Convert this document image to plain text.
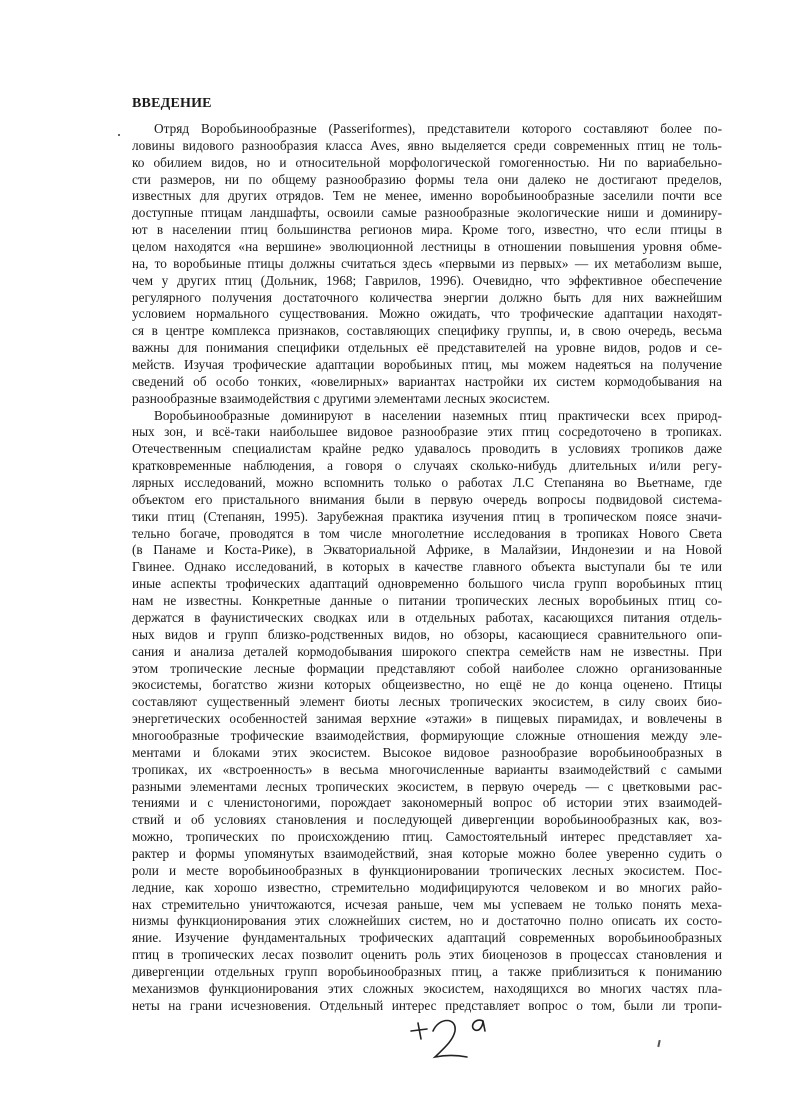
ВВЕДЕНИЕ
Отряд Воробьинообразные (Passeriformes), представители которого составляют более по-
ловины видового разнообразия класса Aves, явно выделяется среди современных птиц не толь-
ко обилием видов, но и относительной морфологической гомогенностью. Ни по вариабельно-
сти размеров, ни по общему разнообразию формы тела они далеко не достигают пределов,
известных для других отрядов. Тем не менее, именно воробьинообразные заселили почти все
доступные птицам ландшафты, освоили самые разнообразные экологические ниши и доминиру-
ют в населении птиц большинства регионов мира. Кроме того, известно, что если птицы в
целом находятся «на вершине» эволюционной лестницы в отношении повышения уровня обме-
на, то воробьиные птицы должны считаться здесь «первыми из первых» — их метаболизм выше,
чем у других птиц (Дольник, 1968; Гаврилов, 1996). Очевидно, что эффективное обеспечение
регулярного получения достаточного количества энергии должно быть для них важнейшим
условием нормального существования. Можно ожидать, что трофические адаптации находят-
ся в центре комплекса признаков, составляющих специфику группы, и, в свою очередь, весьма
важны для понимания специфики отдельных её представителей на уровне видов, родов и се-
мейств. Изучая трофические адаптации воробьиных птиц, мы можем надеяться на получение
сведений об особо тонких, «ювелирных» вариантах настройки их систем кормодобывания на
разнообразные взаимодействия с другими элементами лесных экосистем.
Воробьинообразные доминируют в населении наземных птиц практически всех природ-
ных зон, и всё-таки наибольшее видовое разнообразие этих птиц сосредоточено в тропиках.
Отечественным специалистам крайне редко удавалось проводить в условиях тропиков даже
кратковременные наблюдения, а говоря о случаях сколько-нибудь длительных и/или регу-
лярных исследований, можно вспомнить только о работах Л.С Степаняна во Вьетнаме, где
объектом его пристального внимания были в первую очередь вопросы подвидовой система-
тики птиц (Степанян, 1995). Зарубежная практика изучения птиц в тропическом поясе значи-
тельно богаче, проводятся в том числе многолетние исследования в тропиках Нового Света
(в Панаме и Коста-Рике), в Экваториальной Африке, в Малайзии, Индонезии и на Новой
Гвинее. Однако исследований, в которых в качестве главного объекта выступали бы те или
иные аспекты трофических адаптаций одновременно большого числа групп воробьиных птиц
нам не известны. Конкретные данные о питании тропических лесных воробьиных птиц со-
держатся в фаунистических сводках или в отдельных работах, касающихся питания отдель-
ных видов и групп близко-родственных видов, но обзоры, касающиеся сравнительного опи-
сания и анализа деталей кормодобывания широкого спектра семейств нам не известны. При
этом тропические лесные формации представляют собой наиболее сложно организованные
экосистемы, богатство жизни которых общеизвестно, но ещё не до конца оценено. Птицы
составляют существенный элемент биоты лесных тропических экосистем, в силу своих био-
энергетических особенностей занимая верхние «этажи» в пищевых пирамидах, и вовлечены в
многообразные трофические взаимодействия, формирующие сложные отношения между эле-
ментами и блоками этих экосистем. Высокое видовое разнообразие воробьинообразных в
тропиках, их «встроенность» в весьма многочисленные варианты взаимодействий с самыми
разными элементами лесных тропических экосистем, в первую очередь — с цветковыми рас-
тениями и с членистоногими, порождает закономерный вопрос об истории этих взаимодей-
ствий и об условиях становления и последующей дивергенции воробьинообразных как, воз-
можно, тропических по происхождению птиц. Самостоятельный интерес представляет ха-
рактер и формы упомянутых взаимодействий, зная которые можно более уверенно судить о
роли и месте воробьинообразных в функционировании тропических лесных экосистем. Пос-
ледние, как хорошо известно, стремительно модифицируются человеком и во многих райо-
нах стремительно уничтожаются, исчезая раньше, чем мы успеваем не только понять меха-
низмы функционирования этих сложнейших систем, но и достаточно полно описать их состо-
яние. Изучение фундаментальных трофических адаптаций современных воробьинообразных
птиц в тропических лесах позволит оценить роль этих биоценозов в процессах становления и
дивергенции отдельных групп воробьинообразных птиц, а также приблизиться к пониманию
механизмов функционирования этих сложных экосистем, находящихся во многих частях пла-
неты на грани исчезновения. Отдельный интерес представляет вопрос о том, были ли тропи-
